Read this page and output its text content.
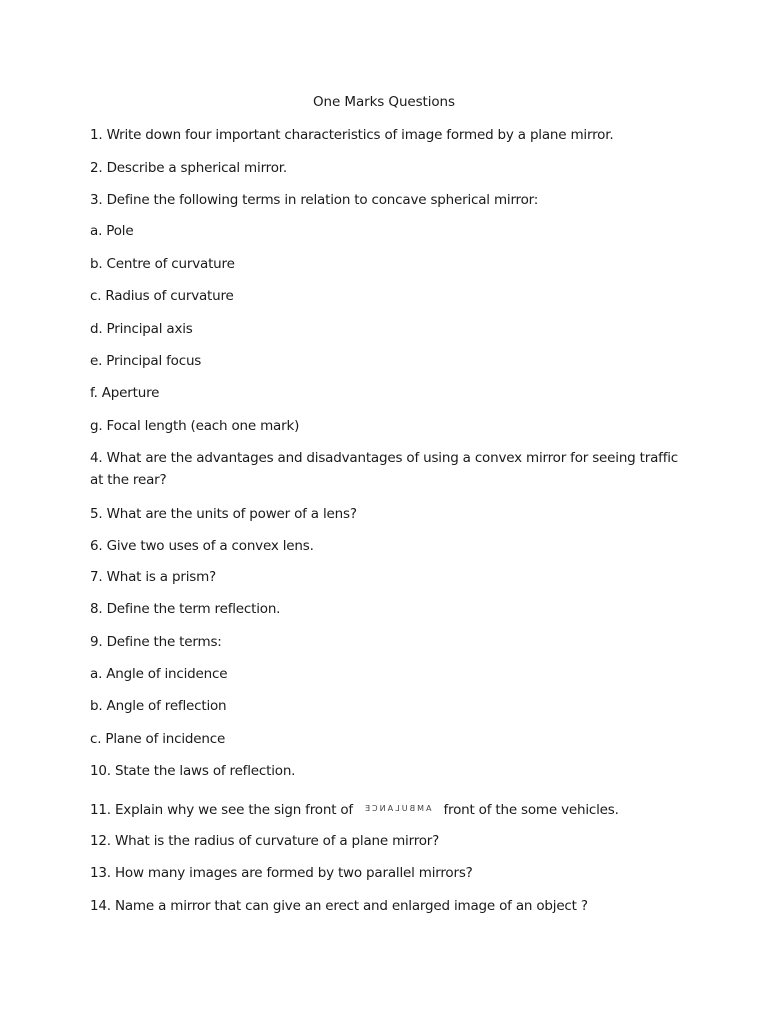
One Marks Questions
1. Write down four important characteristics of image formed by a plane mirror.
2. Describe a spherical mirror.
3. Define the following terms in relation to concave spherical mirror:
a. Pole
b. Centre of curvature
c. Radius of curvature
d. Principal axis
e. Principal focus
f. Aperture
g. Focal length (each one mark)
4. What are the advantages and disadvantages of using a convex mirror for seeing traffic at the rear?
5. What are the units of power of a lens?
6. Give two uses of a convex lens.
7. What is a prism?
8. Define the term reflection.
9. Define the terms:
a. Angle of incidence
b. Angle of reflection
c. Plane of incidence
10. State the laws of reflection.
11. Explain why we see the sign front of AMBULANCE front of the some vehicles.
12. What is the radius of curvature of a plane mirror?
13. How many images are formed by two parallel mirrors?
14. Name a mirror that can give an erect and enlarged image of an object ?
